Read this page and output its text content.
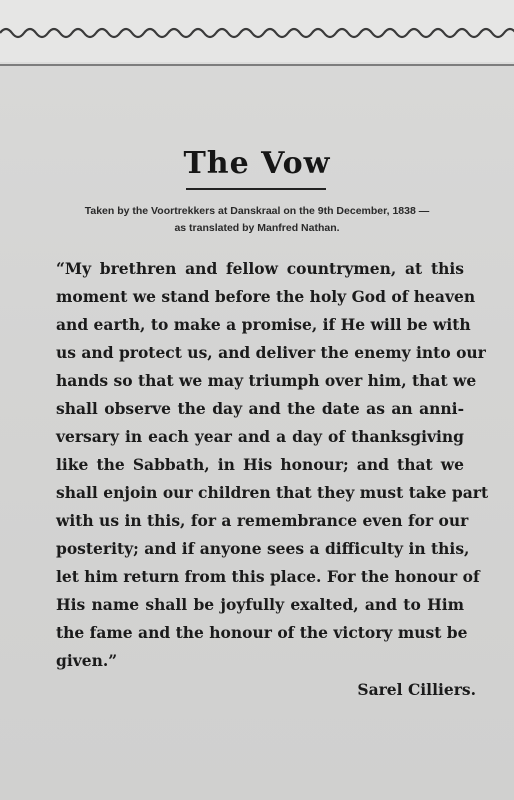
The Vow
Taken by the Voortrekkers at Danskraal on the 9th December, 1838 —
as translated by Manfred Nathan.
“My brethren and fellow countrymen, at this
moment we stand before the holy God of heaven
and earth, to make a promise, if He will be with
us and protect us, and deliver the enemy into our
hands so that we may triumph over him, that we
shall observe the day and the date as an anni-
versary in each year and a day of thanksgiving
like the Sabbath, in His honour; and that we
shall enjoin our children that they must take part
with us in this, for a remembrance even for our
posterity; and if anyone sees a difficulty in this,
let him return from this place. For the honour of
His name shall be joyfully exalted, and to Him
the fame and the honour of the victory must be
given.”
Sarel Cilliers.
